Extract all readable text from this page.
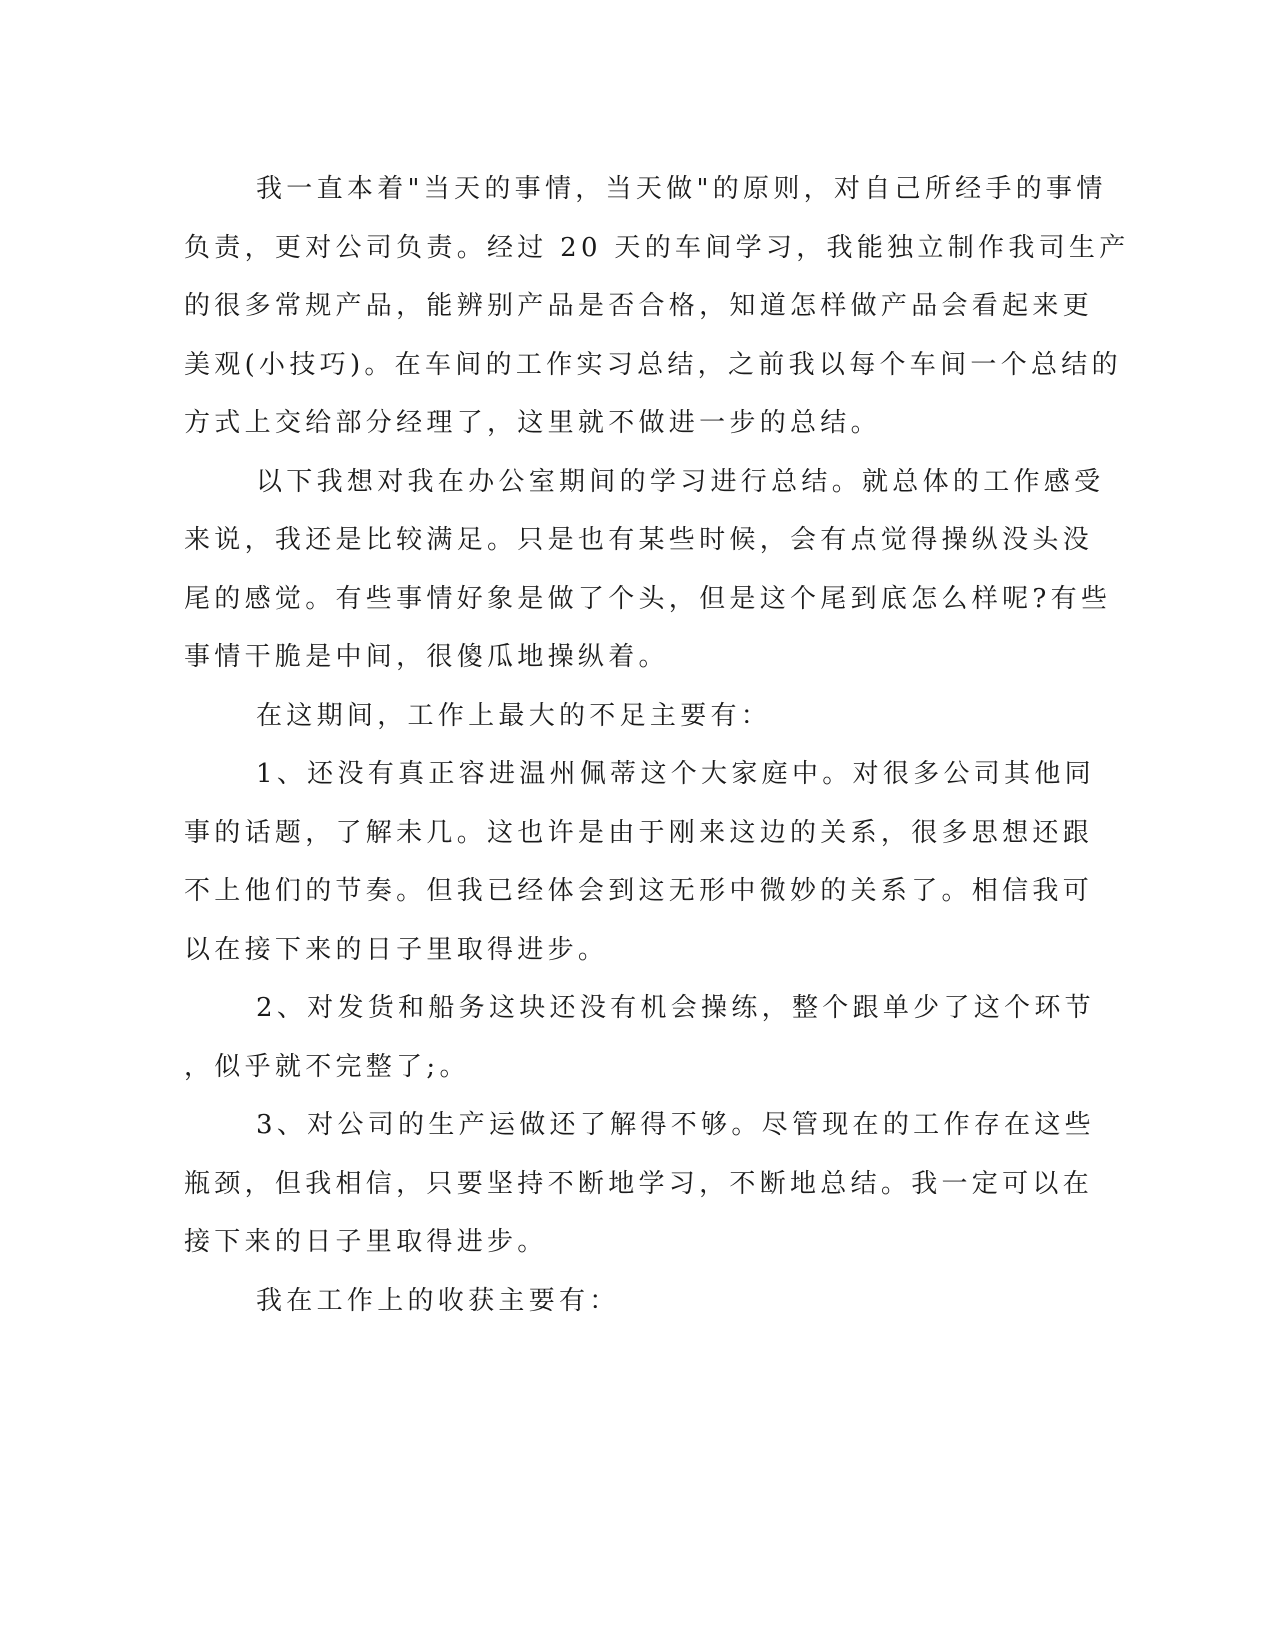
我一直本着"当天的事情，当天做"的原则，对自己所经手的事情
负责，更对公司负责。经过 20 天的车间学习，我能独立制作我司生产
的很多常规产品，能辨别产品是否合格，知道怎样做产品会看起来更
美观(小技巧)。在车间的工作实习总结，之前我以每个车间一个总结的
方式上交给部分经理了，这里就不做进一步的总结。
以下我想对我在办公室期间的学习进行总结。就总体的工作感受
来说，我还是比较满足。只是也有某些时候，会有点觉得操纵没头没
尾的感觉。有些事情好象是做了个头，但是这个尾到底怎么样呢?有些
事情干脆是中间，很傻瓜地操纵着。
在这期间，工作上最大的不足主要有：
1、还没有真正容进温州佩蒂这个大家庭中。对很多公司其他同
事的话题，了解未几。这也许是由于刚来这边的关系，很多思想还跟
不上他们的节奏。但我已经体会到这无形中微妙的关系了。相信我可
以在接下来的日子里取得进步。
2、对发货和船务这块还没有机会操练，整个跟单少了这个环节
，似乎就不完整了;。
3、对公司的生产运做还了解得不够。尽管现在的工作存在这些
瓶颈，但我相信，只要坚持不断地学习，不断地总结。我一定可以在
接下来的日子里取得进步。
我在工作上的收获主要有：
